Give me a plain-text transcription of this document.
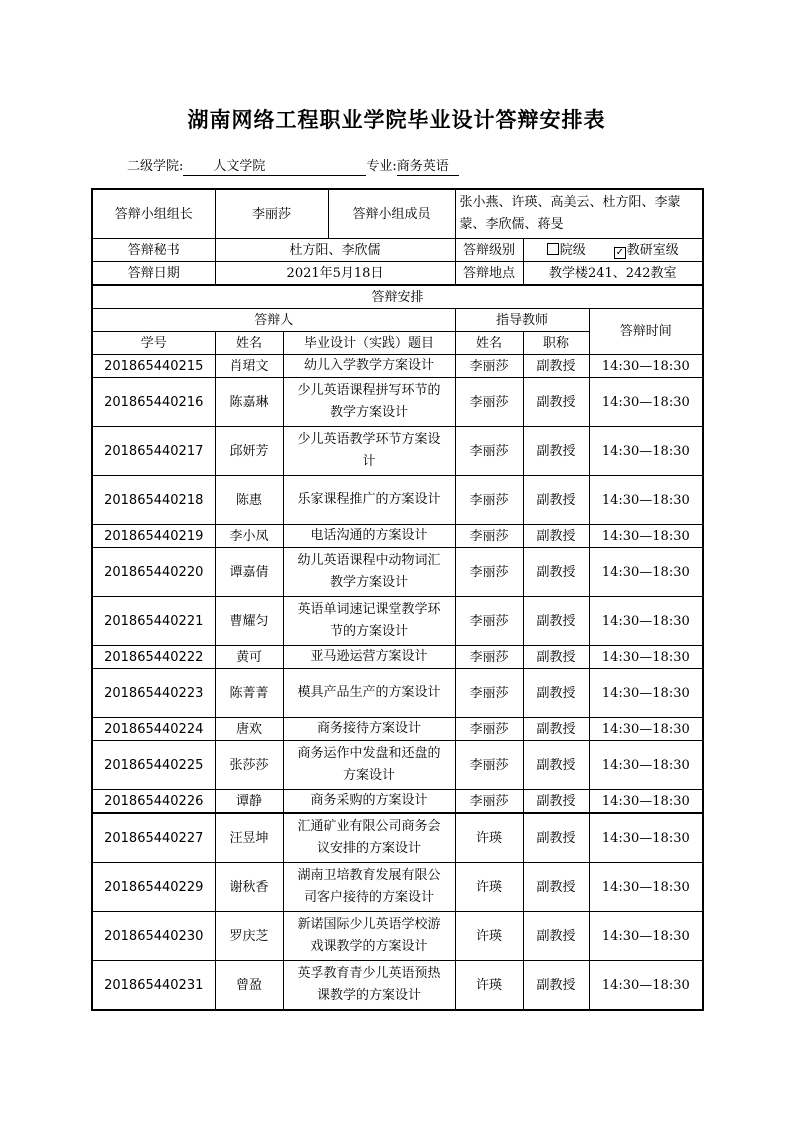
湖南网络工程职业学院毕业设计答辩安排表
二级学院: 人文学院	专业:商务英语
答辩小组组长	李丽莎		答辩小组成员	张小燕、许瑛、高美云、杜方阳、李蒙蒙、李欣儒、蒋旻		
答辩秘书	杜方阳、李欣儒			答辩级别	院级 ✓ 教研室级	
答辩日期	2021年5月18日			答辩地点	教学楼241、242教室	
答辩安排						
答辩人				指导教师		答辩时间
学号	姓名	毕业设计（实践）题目		姓名	职称	
201865440215	肖珺文	幼儿入学教学方案设计		李丽莎	副教授	14:30—18:30
201865440216	陈嘉琳	少儿英语课程拼写环节的教学方案设计		李丽莎	副教授	14:30—18:30
201865440217	邱妍芳	少儿英语教学环节方案设计		李丽莎	副教授	14:30—18:30
201865440218	陈惠	乐家课程推广的方案设计		李丽莎	副教授	14:30—18:30
201865440219	李小凤	电话沟通的方案设计		李丽莎	副教授	14:30—18:30
201865440220	谭嘉倩	幼儿英语课程中动物词汇教学方案设计		李丽莎	副教授	14:30—18:30
201865440221	曹耀匀	英语单词速记课堂教学环节的方案设计		李丽莎	副教授	14:30—18:30
201865440222	黄可	亚马逊运营方案设计		李丽莎	副教授	14:30—18:30
201865440223	陈菁菁	模具产品生产的方案设计		李丽莎	副教授	14:30—18:30
201865440224	唐欢	商务接待方案设计		李丽莎	副教授	14:30—18:30
201865440225	张莎莎	商务运作中发盘和还盘的方案设计		李丽莎	副教授	14:30—18:30
201865440226	谭静	商务采购的方案设计		李丽莎	副教授	14:30—18:30
201865440227	汪昱坤	汇通矿业有限公司商务会议安排的方案设计		许瑛	副教授	14:30—18:30
201865440229	谢秋香	湖南卫培教育发展有限公司客户接待的方案设计		许瑛	副教授	14:30—18:30
201865440230	罗庆芝	新诺国际少儿英语学校游戏课教学的方案设计		许瑛	副教授	14:30—18:30
201865440231	曾盈	英孚教育青少儿英语预热课教学的方案设计		许瑛	副教授	14:30—18:30
